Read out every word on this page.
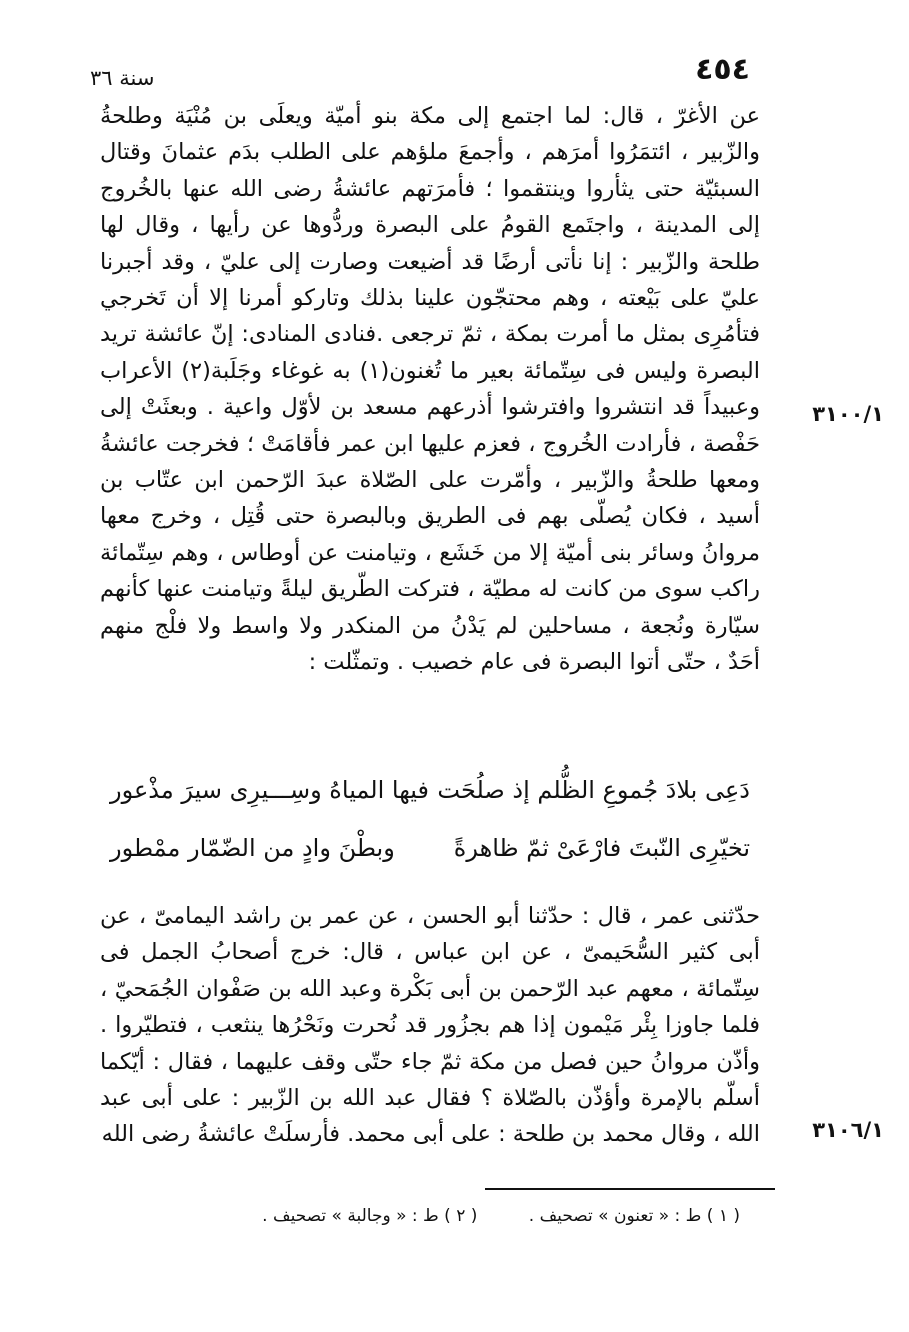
٤٥٤
سنة ٣٦
٣١٠٠/١
٣١٠٦/١

عن الأغرّ ، قال: لما اجتمع إلى مكة بنو أميّة ويعلَى بن مُنْيَة وطلحةُ والزّبير ، ائتمَرُوا أمرَهم ، وأجمعَ ملؤهم على الطلب بدَم عثمانَ وقتال السبئيّة حتى يثأروا وينتقموا ؛ فأمرَتهم عائشةُ رضى الله عنها بالخُروج إلى المدينة ، واجتَمع القومُ على البصرة وردُّوها عن رأيها ، وقال لها طلحة والزّبير : إنا نأتى أرضًا قد أضيعت وصارت إلى عليّ ، وقد أجبرنا عليّ على بَيْعته ، وهم محتجّون علينا بذلك وتاركو أمرنا إلا أن تَخرجي فتأمُرِى بمثل ما أمرت بمكة ، ثمّ ترجعى .فنادى المنادى: إنّ عائشة تريد البصرة وليس فى سِتّمائة بعير ما تُغنون(١) به غوغاء وجَلَبة(٢) الأعراب وعبيداً قد انتشروا وافترشوا أذرعهم مسعد بن لأوّل واعية . وبعثَتْ إلى حَفْصة ، فأرادت الخُروج ، فعزم عليها ابن عمر فأقامَتْ ؛ فخرجت عائشةُ ومعها طلحةُ والزّبير ، وأمّرت على الصّلاة عبدَ الرّحمن ابن عتّاب بن أسيد ، فكان يُصلّى بهم فى الطريق وبالبصرة حتى قُتِل ، وخرج معها مروانُ وسائر بنى أميّة إلا من خَشَع ، وتيامنت عن أوطاس ، وهم سِتّمائة راكب سوى من كانت له مطيّة ، فتركت الطّريق ليلةً وتيامنت عنها كأنهم سيّارة ونُجعة ، مساحلين لم يَدْنُ من المنكدر ولا واسط ولا فلْج منهم أحَدٌ ، حتّى أتوا البصرة فى عام خصيب . وتمثّلت :

دَعِى بلادَ جُموعِ الظُّلم إذ صلُحَت
فيها المياهُ وسِـــيرِى سيرَ مذْعور
تخيّرِى النّبتَ فارْعَىْ ثمّ ظاهرةً
وبطْنَ وادٍ من الضّمّار ممْطور

حدّثنى عمر ، قال : حدّثنا أبو الحسن ، عن عمر بن راشد اليمامىّ ، عن أبى كثير السُّحَيمىّ ، عن ابن عباس ، قال: خرج أصحابُ الجمل فى سِتّمائة ، معهم عبد الرّحمن بن أبى بَكْرة وعبد الله بن صَفْوان الجُمَحيّ ، فلما جاوزا بِئْر مَيْمون إذا هم بجزُور قد نُحرت ونَحْرُها ينثعب ، فتطيّروا . وأذّن مروانُ حين فصل من مكة ثمّ جاء حتّى وقف عليهما ، فقال : أيّكما أسلّم بالإمرة وأؤذّن بالصّلاة ؟ فقال عبد الله بن الزّبير : على أبى عبد الله ، وقال محمد بن طلحة : على أبى محمد. فأرسلَتْ عائشةُ رضى الله

( ١ ) ط : « تعنون » تصحيف . ( ٢ ) ط : « وجالبة » تصحيف .
